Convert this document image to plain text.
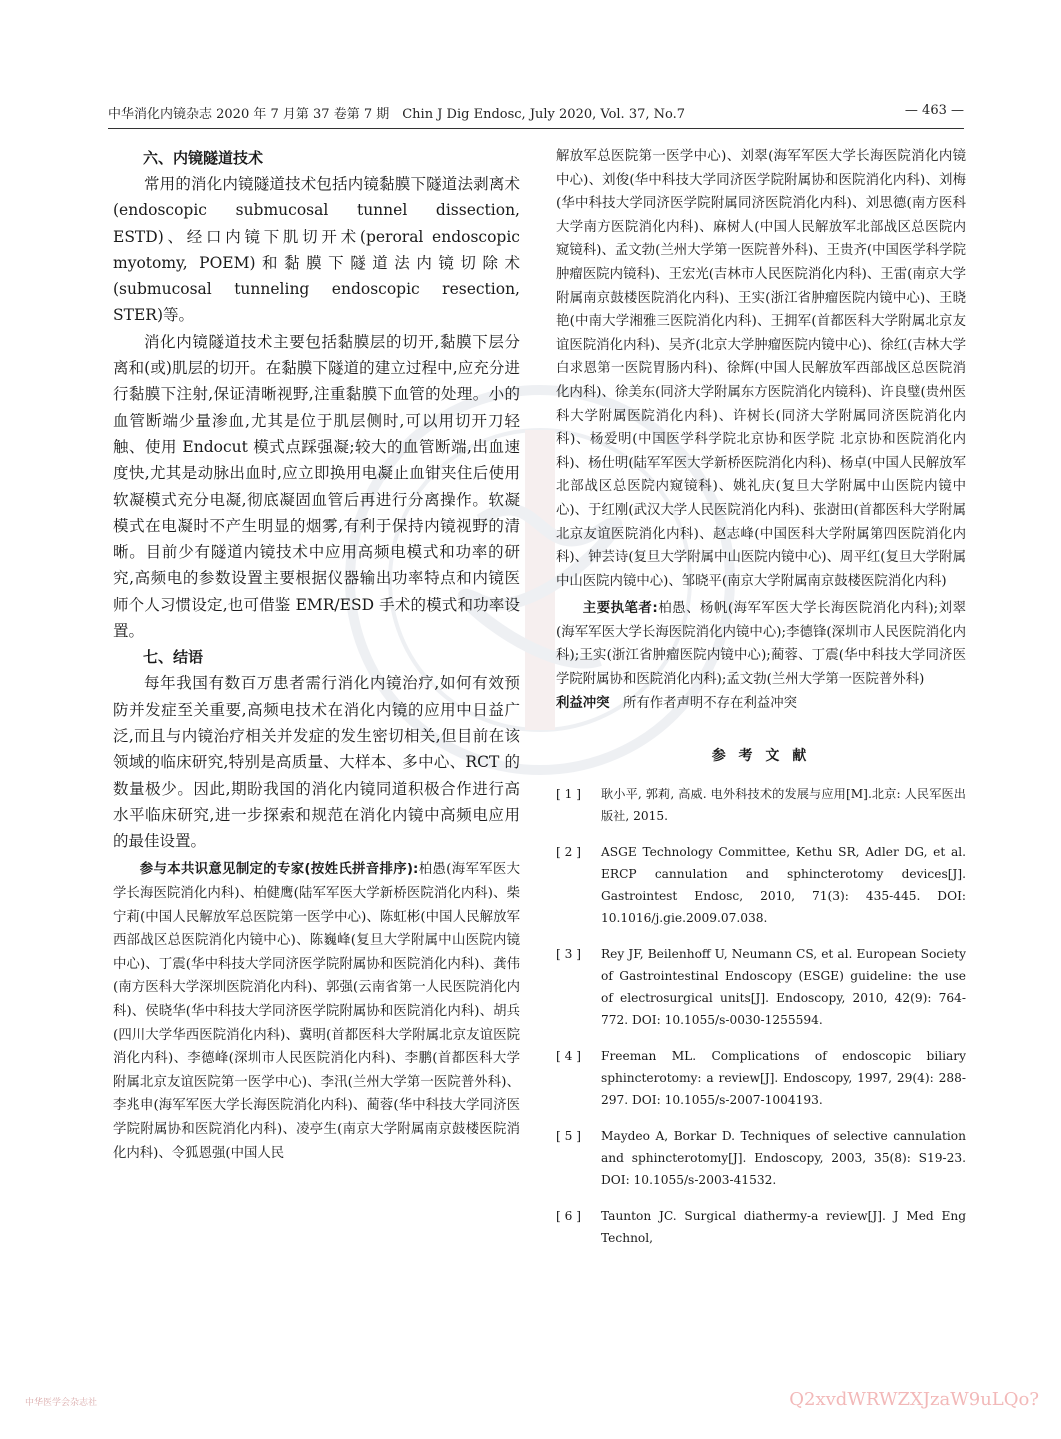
中华消化内镜杂志 2020 年 7 月第 37 卷第 7 期　Chin J Dig Endosc, July 2020, Vol. 37, No.7	— 463 —
六、内镜隧道技术

常用的消化内镜隧道技术包括内镜黏膜下隧道法剥离术(endoscopic submucosal tunnel dissection, ESTD)、经口内镜下肌切开术(peroral endoscopic myotomy, POEM)和黏膜下隧道法内镜切除术(submucosal tunneling endoscopic resection, STER)等。

消化内镜隧道技术主要包括黏膜层的切开,黏膜下层分离和(或)肌层的切开。在黏膜下隧道的建立过程中,应充分进行黏膜下注射,保证清晰视野,注重黏膜下血管的处理。小的血管断端少量渗血,尤其是位于肌层侧时,可以用切开刀轻触、使用 Endocut 模式点踩强凝;较大的血管断端,出血速度快,尤其是动脉出血时,应立即换用电凝止血钳夹住后使用软凝模式充分电凝,彻底凝固血管后再进行分离操作。软凝模式在电凝时不产生明显的烟雾,有利于保持内镜视野的清晰。目前少有隧道内镜技术中应用高频电模式和功率的研究,高频电的参数设置主要根据仪器输出功率特点和内镜医师个人习惯设定,也可借鉴 EMR/ESD 手术的模式和功率设置。

七、结语

每年我国有数百万患者需行消化内镜治疗,如何有效预防并发症至关重要,高频电技术在消化内镜的应用中日益广泛,而且与内镜治疗相关并发症的发生密切相关,但目前在该领域的临床研究,特别是高质量、大样本、多中心、RCT 的数量极少。因此,期盼我国的消化内镜同道积极合作进行高水平临床研究,进一步探索和规范在消化内镜中高频电应用的最佳设置。

参与本共识意见制定的专家(按姓氏拼音排序):柏愚(海军军医大学长海医院消化内科)、柏健鹰(陆军军医大学新桥医院消化内科)、柴宁莉(中国人民解放军总医院第一医学中心)、陈虹彬(中国人民解放军西部战区总医院消化内镜中心)、陈巍峰(复旦大学附属中山医院内镜中心)、丁震(华中科技大学同济医学院附属协和医院消化内科)、龚伟(南方医科大学深圳医院消化内科)、郭强(云南省第一人民医院消化内科)、侯晓华(华中科技大学同济医学院附属协和医院消化内科)、胡兵(四川大学华西医院消化内科)、冀明(首都医科大学附属北京友谊医院消化内科)、李德峰(深圳市人民医院消化内科)、李鹏(首都医科大学附属北京友谊医院第一医学中心)、李汛(兰州大学第一医院普外科)、李兆申(海军军医大学长海医院消化内科)、蔺蓉(华中科技大学同济医学院附属协和医院消化内科)、凌亭生(南京大学附属南京鼓楼医院消化内科)、令狐恩强(中国人民

解放军总医院第一医学中心)、刘翠(海军军医大学长海医院消化内镜中心)、刘俊(华中科技大学同济医学院附属协和医院消化内科)、刘梅(华中科技大学同济医学院附属同济医院消化内科)、刘思德(南方医科大学南方医院消化内科)、麻树人(中国人民解放军北部战区总医院内窥镜科)、孟文勃(兰州大学第一医院普外科)、王贵齐(中国医学科学院肿瘤医院内镜科)、王宏光(吉林市人民医院消化内科)、王雷(南京大学附属南京鼓楼医院消化内科)、王实(浙江省肿瘤医院内镜中心)、王晓艳(中南大学湘雅三医院消化内科)、王拥军(首都医科大学附属北京友谊医院消化内科)、吴齐(北京大学肿瘤医院内镜中心)、徐红(吉林大学白求恩第一医院胃肠内科)、徐辉(中国人民解放军西部战区总医院消化内科)、徐美东(同济大学附属东方医院消化内镜科)、许良璧(贵州医科大学附属医院消化内科)、许树长(同济大学附属同济医院消化内科)、杨爱明(中国医学科学院北京协和医学院 北京协和医院消化内科)、杨仕明(陆军军医大学新桥医院消化内科)、杨卓(中国人民解放军北部战区总医院内窥镜科)、姚礼庆(复旦大学附属中山医院内镜中心)、于红刚(武汉大学人民医院消化内科)、张澍田(首都医科大学附属北京友谊医院消化内科)、赵志峰(中国医科大学附属第四医院消化内科)、钟芸诗(复旦大学附属中山医院内镜中心)、周平红(复旦大学附属中山医院内镜中心)、邹晓平(南京大学附属南京鼓楼医院消化内科)

主要执笔者:柏愚、杨帆(海军军医大学长海医院消化内科);刘翠(海军军医大学长海医院消化内镜中心);李德锋(深圳市人民医院消化内科);王实(浙江省肿瘤医院内镜中心);蔺蓉、丁震(华中科技大学同济医学院附属协和医院消化内科);孟文勃(兰州大学第一医院普外科)

利益冲突　 所有作者声明不存在利益冲突

参 考 文 献
[ 1 ] 耿小平, 郭莉, 高威. 电外科技术的发展与应用[M].北京: 人民军医出版社, 2015.
[ 2 ] ASGE Technology Committee, Kethu SR, Adler DG, et al. ERCP cannulation and sphincterotomy devices[J]. Gastrointest Endosc, 2010, 71(3): 435-445. DOI: 10.1016/j.gie.2009.07.038.
[ 3 ] Rey JF, Beilenhoff U, Neumann CS, et al. European Society of Gastrointestinal Endoscopy (ESGE) guideline: the use of electrosurgical units[J]. Endoscopy, 2010, 42(9): 764-772. DOI: 10.1055/s-0030-1255594.
[ 4 ] Freeman ML. Complications of endoscopic biliary sphincterotomy: a review[J]. Endoscopy, 1997, 29(4): 288-297. DOI: 10.1055/s-2007-1004193.
[ 5 ] Maydeo A, Borkar D. Techniques of selective cannulation and sphincterotomy[J]. Endoscopy, 2003, 35(8): S19-23. DOI: 10.1055/s-2003-41532.
[ 6 ] Taunton JC. Surgical diathermy-a review[J]. J Med Eng Technol,
中华医学会杂志社	Q2xvdWRWZXJzaW9uLQo?
